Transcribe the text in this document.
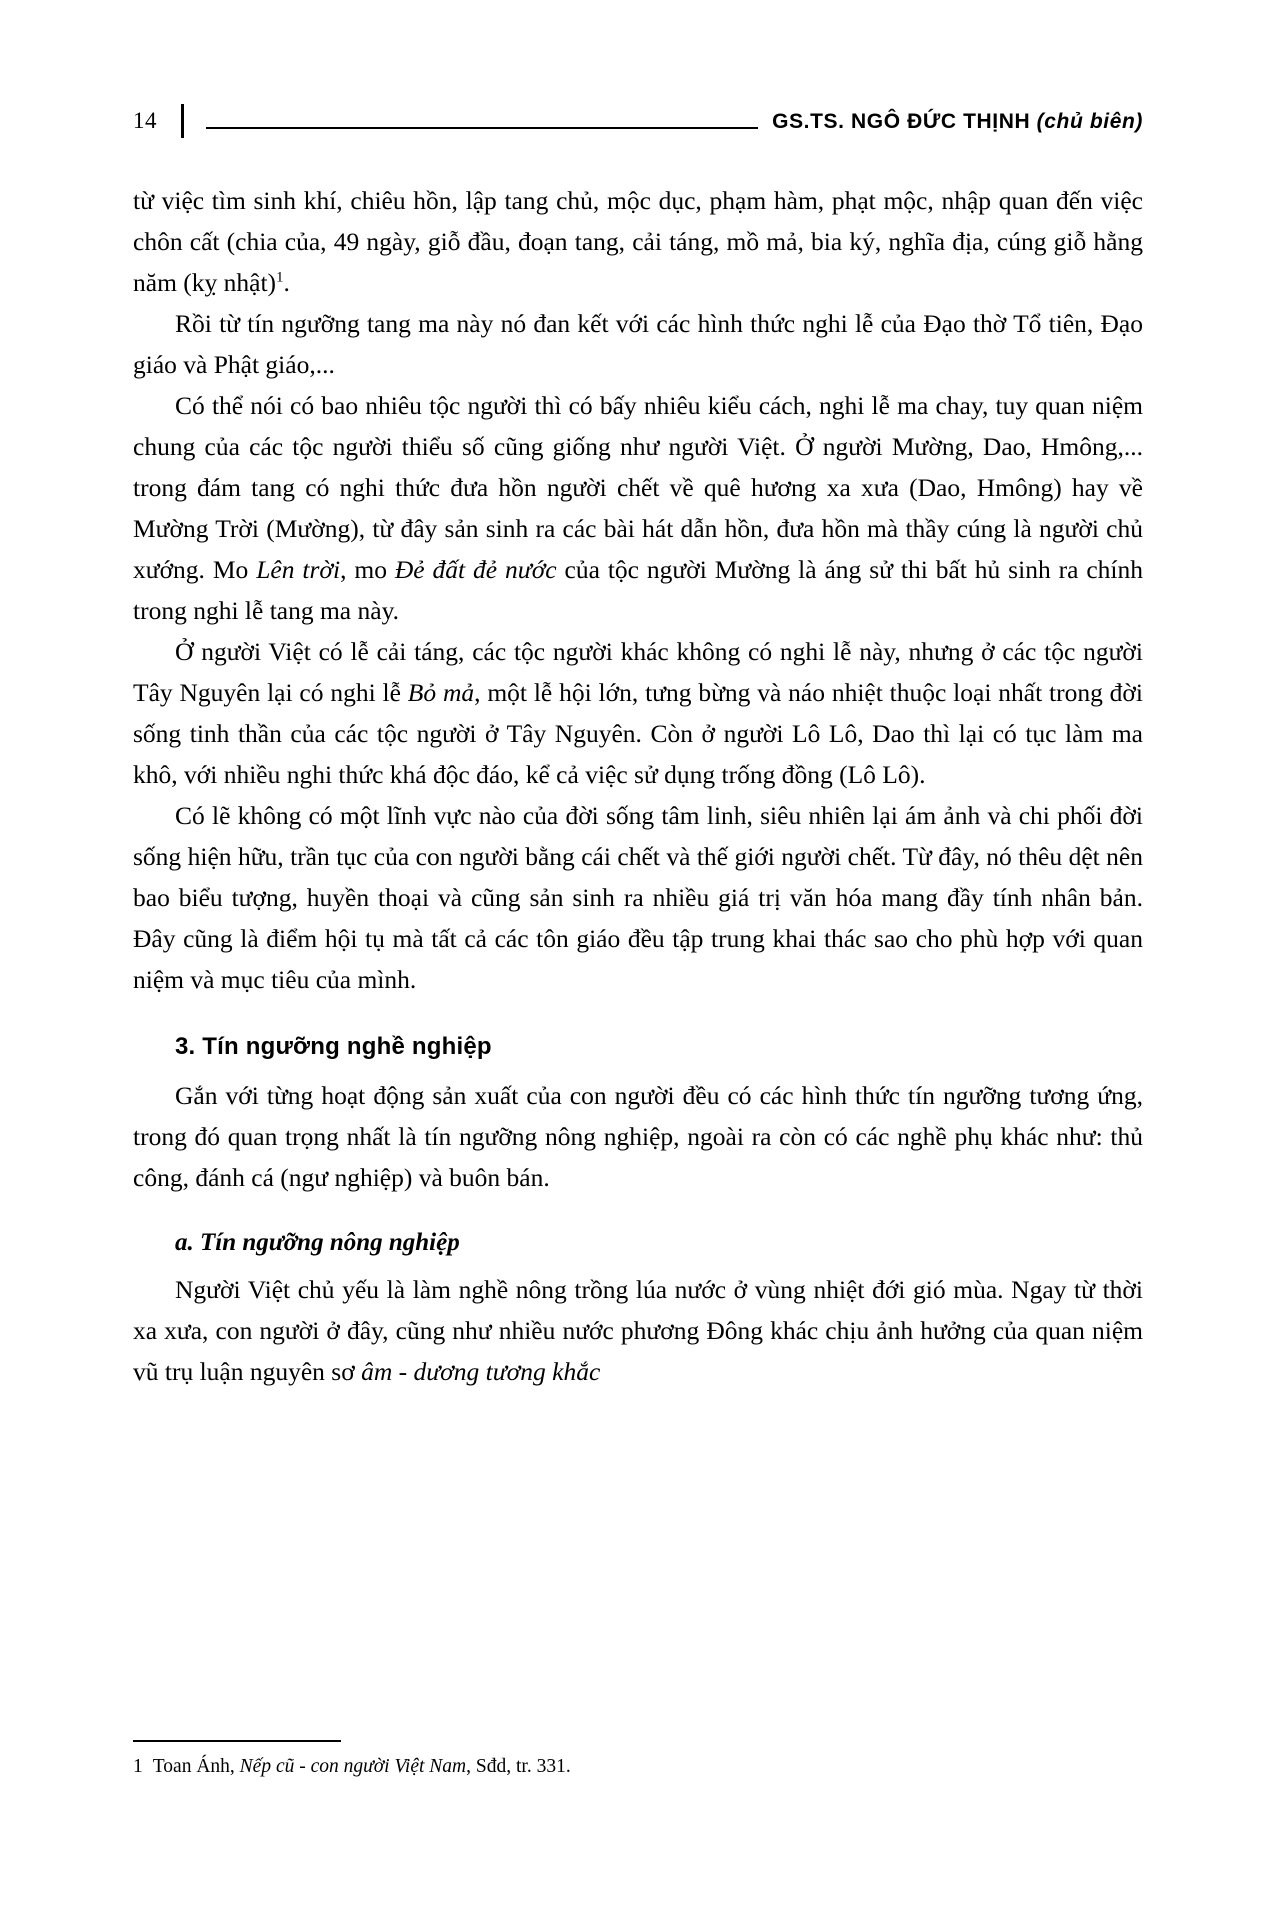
14	GS.TS. NGÔ ĐỨC THỊNH (chủ biên)

từ việc tìm sinh khí, chiêu hồn, lập tang chủ, mộc dục, phạm hàm, phạt mộc, nhập quan đến việc chôn cất (chia của, 49 ngày, giỗ đầu, đoạn tang, cải táng, mồ mả, bia ký, nghĩa địa, cúng giỗ hằng năm (kỵ nhật)$^1$.

Rồi từ tín ngưỡng tang ma này nó đan kết với các hình thức nghi lễ của Đạo thờ Tổ tiên, Đạo giáo và Phật giáo,...

Có thể nói có bao nhiêu tộc người thì có bấy nhiêu kiểu cách, nghi lễ ma chay, tuy quan niệm chung của các tộc người thiểu số cũng giống như người Việt. Ở người Mường, Dao, Hmông,... trong đám tang có nghi thức đưa hồn người chết về quê hương xa xưa (Dao, Hmông) hay về Mường Trời (Mường), từ đây sản sinh ra các bài hát dẫn hồn, đưa hồn mà thầy cúng là người chủ xướng. Mo Lên trời, mo Đẻ đất đẻ nước của tộc người Mường là áng sử thi bất hủ sinh ra chính trong nghi lễ tang ma này.

Ở người Việt có lễ cải táng, các tộc người khác không có nghi lễ này, nhưng ở các tộc người Tây Nguyên lại có nghi lễ Bỏ mả, một lễ hội lớn, tưng bừng và náo nhiệt thuộc loại nhất trong đời sống tinh thần của các tộc người ở Tây Nguyên. Còn ở người Lô Lô, Dao thì lại có tục làm ma khô, với nhiều nghi thức khá độc đáo, kể cả việc sử dụng trống đồng (Lô Lô).

Có lẽ không có một lĩnh vực nào của đời sống tâm linh, siêu nhiên lại ám ảnh và chi phối đời sống hiện hữu, trần tục của con người bằng cái chết và thế giới người chết. Từ đây, nó thêu dệt nên bao biểu tượng, huyền thoại và cũng sản sinh ra nhiều giá trị văn hóa mang đầy tính nhân bản. Đây cũng là điểm hội tụ mà tất cả các tôn giáo đều tập trung khai thác sao cho phù hợp với quan niệm và mục tiêu của mình.

3. Tín ngưỡng nghề nghiệp

Gắn với từng hoạt động sản xuất của con người đều có các hình thức tín ngưỡng tương ứng, trong đó quan trọng nhất là tín ngưỡng nông nghiệp, ngoài ra còn có các nghề phụ khác như: thủ công, đánh cá (ngư nghiệp) và buôn bán.

a. Tín ngưỡng nông nghiệp

Người Việt chủ yếu là làm nghề nông trồng lúa nước ở vùng nhiệt đới gió mùa. Ngay từ thời xa xưa, con người ở đây, cũng như nhiều nước phương Đông khác chịu ảnh hưởng của quan niệm vũ trụ luận nguyên sơ âm - dương tương khắc

1 Toan Ánh, Nếp cũ - con người Việt Nam, Sđd, tr. 331.
